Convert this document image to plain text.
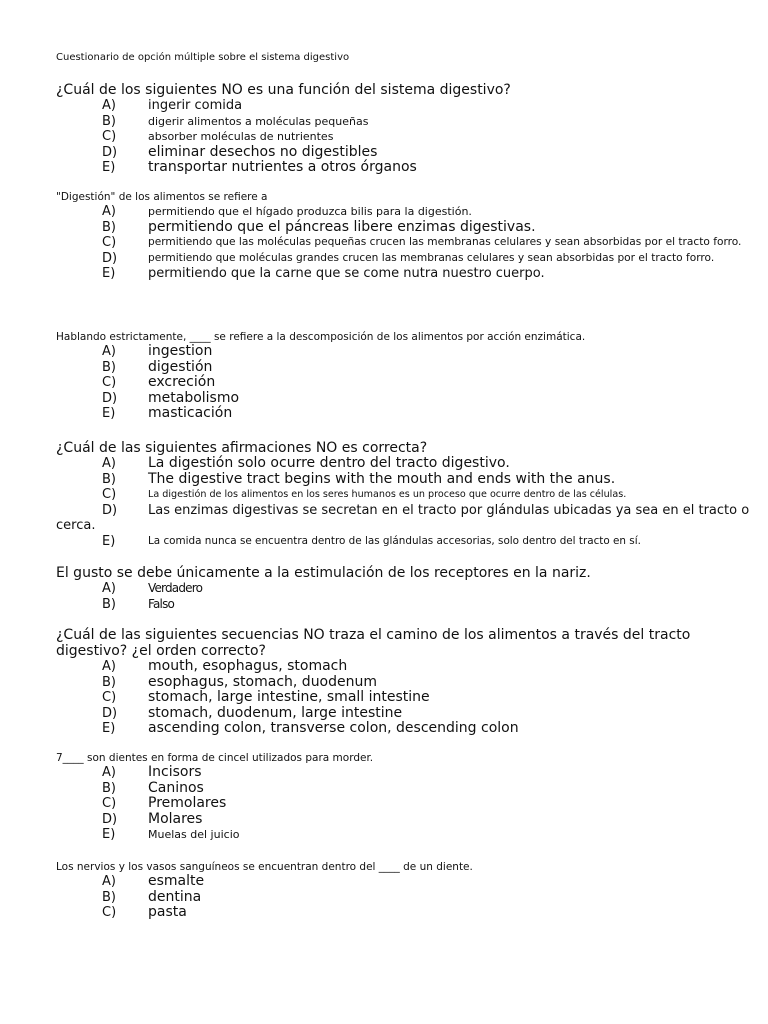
Cuestionario de opción múltiple sobre el sistema digestivo

¿Cuál de los siguientes NO es una función del sistema digestivo?

A) ingerir comida
B)	digerir alimentos a moléculas pequeñas
C)	absorber moléculas de nutrientes
D) eliminar desechos no digestibles
E) transportar nutrientes a otros órganos

"Digestión" de los alimentos se refiere a

A)	permitiendo que el hígado produzca bilis para la digestión.
B) permitiendo que el páncreas libere enzimas digestivas.
C)	permitiendo que las moléculas pequeñas crucen las membranas celulares y sean absorbidas por el tracto forro.
D)	permitiendo que moléculas grandes crucen las membranas celulares y sean absorbidas por el tracto forro.
E)	permitiendo que la carne que se come nutra nuestro cuerpo.

Hablando estrictamente, ____ se refiere a la descomposición de los alimentos por acción enzimática.

A) ingestion
B) digestión
C) excreción
D) metabolismo
E) masticación

¿Cuál de las siguientes afirmaciones NO es correcta?

A) La digestión solo ocurre dentro del tracto digestivo.
B) The digestive tract begins with the mouth and ends with the anus.
C)	La digestión de los alimentos en los seres humanos es un proceso que ocurre dentro de las células.
D) Las enzimas digestivas se secretan en el tracto por glándulas ubicadas ya sea en el tracto o cerca.
E)	La comida nunca se encuentra dentro de las glándulas accesorias, solo dentro del tracto en sí.

El gusto se debe únicamente a la estimulación de los receptores en la nariz.

A)	Verdadero
B)	Falso

¿Cuál de las siguientes secuencias NO traza el camino de los alimentos a través del tracto digestivo? ¿el orden correcto?

A) mouth, esophagus, stomach
B) esophagus, stomach, duodenum
C) stomach, large intestine, small intestine
D) stomach, duodenum, large intestine
E) ascending colon, transverse colon, descending colon

7____ son dientes en forma de cincel utilizados para morder.

A) Incisors
B) Caninos
C) Premolares
D) Molares
E)	Muelas del juicio

Los nervios y los vasos sanguíneos se encuentran dentro del ____ de un diente.

A) esmalte
B) dentina
C) pasta
